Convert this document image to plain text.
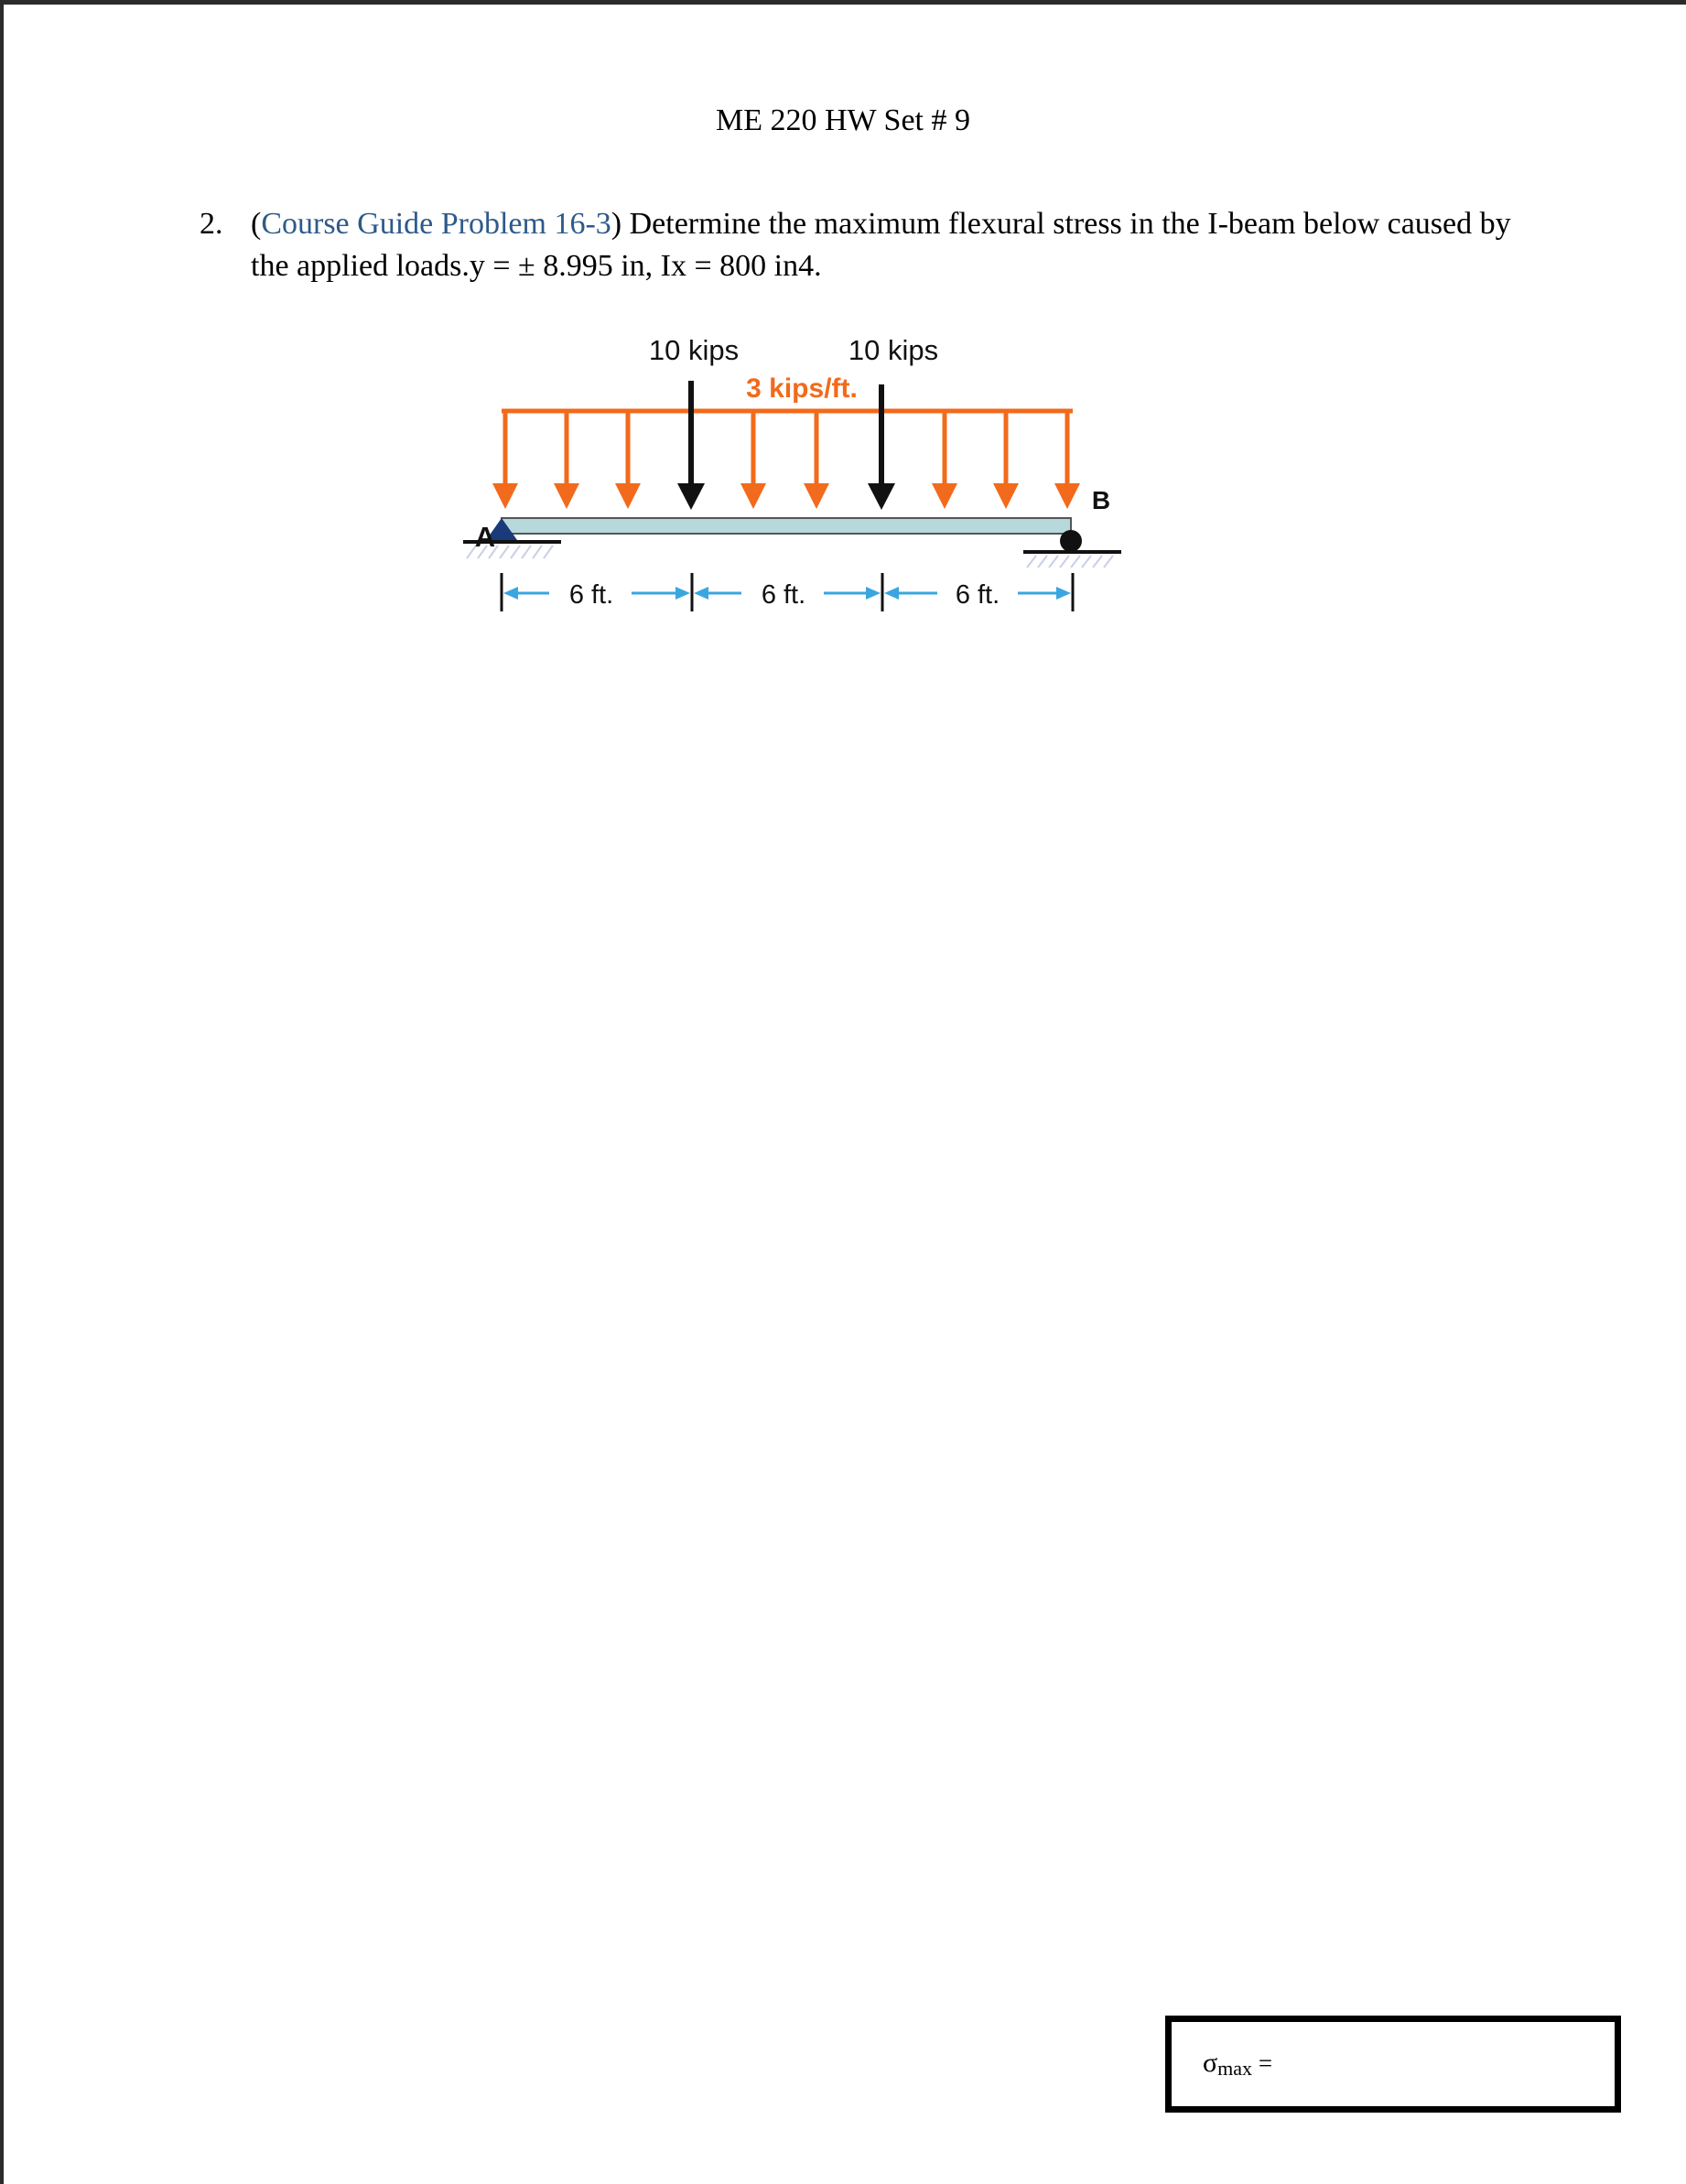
ME 220 HW Set # 9
2. (Course Guide Problem 16-3) Determine the maximum flexural stress in the I-beam below caused by the applied loads.y = ± 8.995 in, Ix = 800 in4.
10 kips	10 kips
3 kips/ft.
A
B
6 ft.	6 ft.	6 ft.
$\sigma_{max}$ =
